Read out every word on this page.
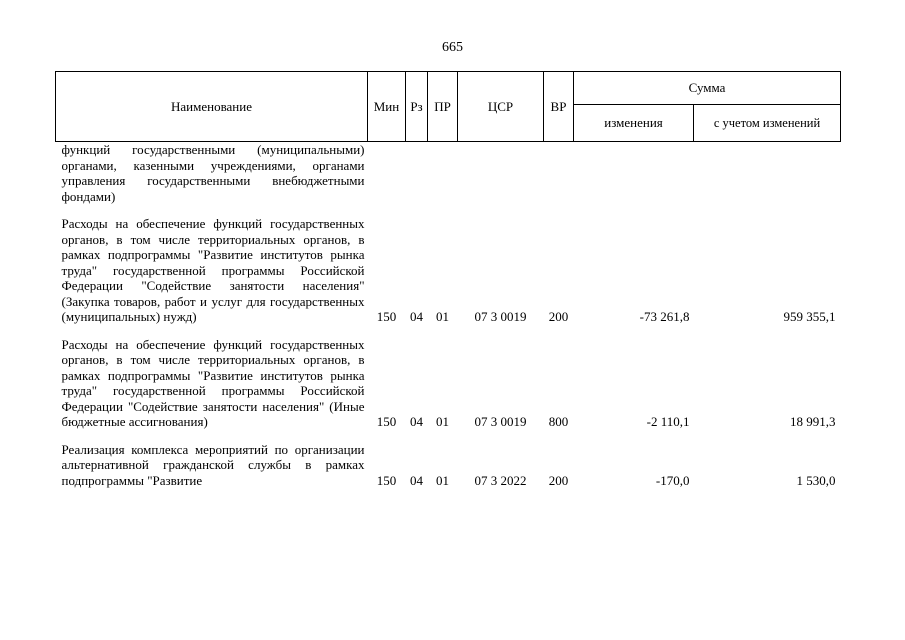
665
Наименование	Мин	Рз	ПР	ЦСР	ВР	Сумма	
						изменения	с учетом изменений
функций государственными (муниципальными) органами, казенными учреждениями, органами управления государственными внебюджетными фондами)							

Расходы на обеспечение функций государственных органов, в том числе территориальных органов, в рамках подпрограммы "Развитие институтов рынка труда" государственной программы Российской Федерации "Содействие занятости населения" (Закупка товаров, работ и услуг для государственных (муниципальных) нужд)	150	04	01	07 3 0019	200	-73 261,8	959 355,1

Расходы на обеспечение функций государственных органов, в том числе территориальных органов, в рамках подпрограммы "Развитие институтов рынка труда" государственной программы Российской Федерации "Содействие занятости населения" (Иные бюджетные ассигнования)	150	04	01	07 3 0019	800	-2 110,1	18 991,3

Реализация комплекса мероприятий по организации альтернативной гражданской службы в рамках подпрограммы "Развитие	150	04	01	07 3 2022	200	-170,0	1 530,0
